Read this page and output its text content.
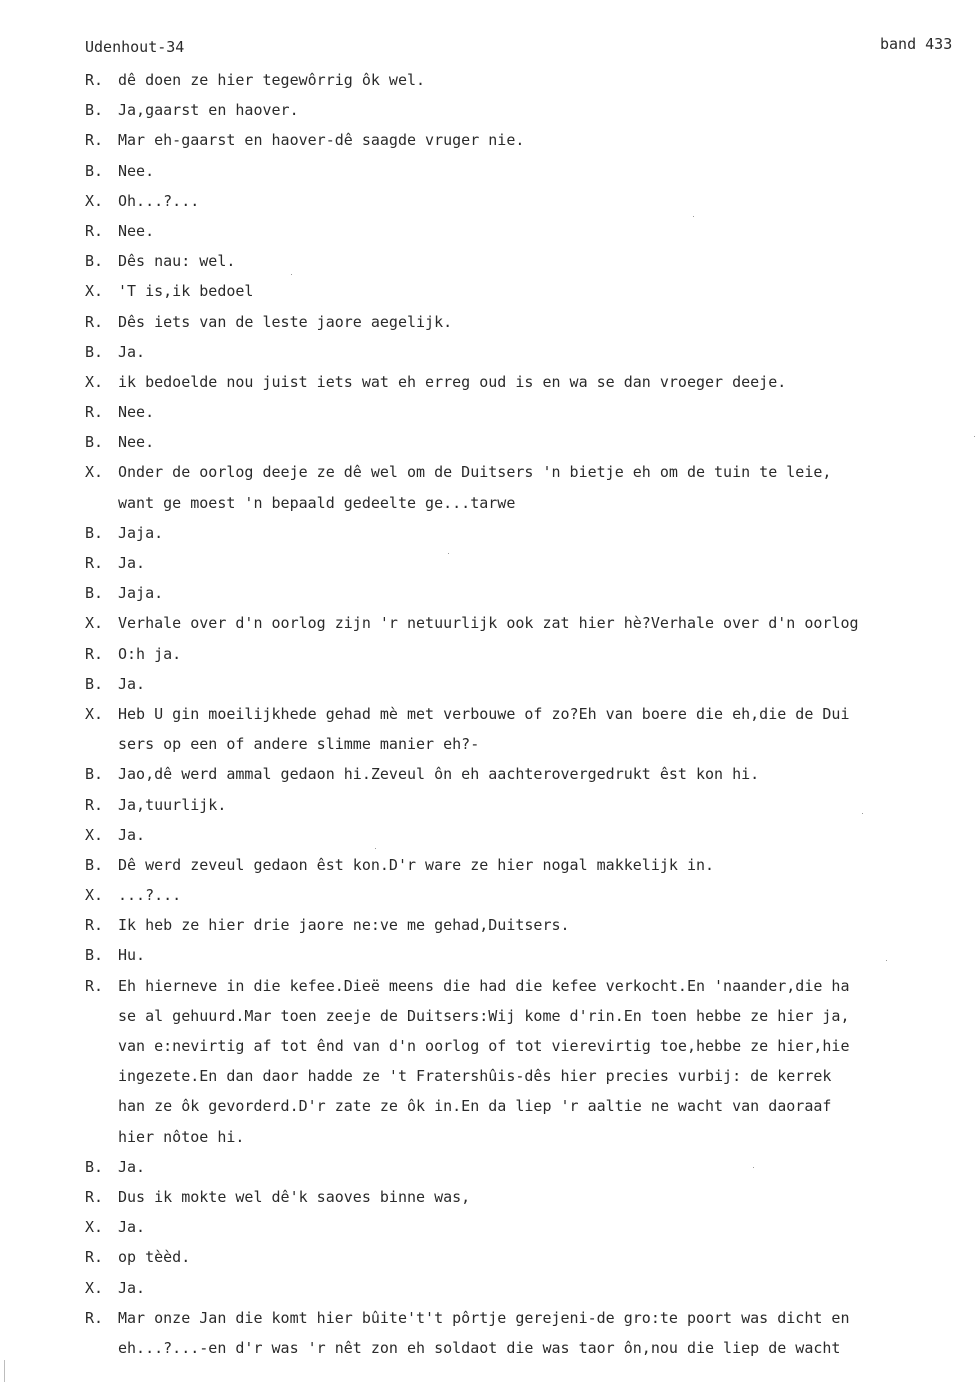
Udenhout-34	band 433
R. dê doen ze hier tegewôrrig ôk wel.
B. Ja,gaarst en haover.
R. Mar eh-gaarst en haover-dê saagde vruger nie.
B. Nee.
X. Oh...?...
R. Nee.
B. Dês nau: wel.
X. 'T is,ik bedoel
R. Dês iets van de leste jaore aegelijk.
B. Ja.
X. ik bedoelde nou juist iets wat eh erreg oud is en wa se dan vroeger deeje.
R. Nee.
B. Nee.
X. Onder de oorlog deeje ze dê wel om de Duitsers 'n bietje eh om de tuin te leie,
want ge moest 'n bepaald gedeelte ge...tarwe
B. Jaja.
R. Ja.
B. Jaja.
X. Verhale over d'n oorlog zijn 'r netuurlijk ook zat hier hè?Verhale over d'n oorlog
R. O:h ja.
B. Ja.
X. Heb U gin moeilijkhede gehad mè met verbouwe of zo?Eh van boere die eh,die de Dui
sers op een of andere slimme manier eh?-
B. Jao,dê werd ammal gedaon hi.Zeveul ôn eh aachterovergedrukt êst kon hi.
R. Ja,tuurlijk.
X. Ja.
B. Dê werd zeveul gedaon êst kon.D'r ware ze hier nogal makkelijk in.
X. ...?...
R. Ik heb ze hier drie jaore ne:ve me gehad,Duitsers.
B. Hu.
R. Eh hierneve in die kefee.Dieë meens die had die kefee verkocht.En 'naander,die ha
se al gehuurd.Mar toen zeeje de Duitsers:Wij kome d'rin.En toen hebbe ze hier ja,
van e:nevirtig af tot ênd van d'n oorlog of tot vierevirtig toe,hebbe ze hier,hie
ingezete.En dan daor hadde ze 't Fratershûis-dês hier precies vurbij: de kerrek
han ze ôk gevorderd.D'r zate ze ôk in.En da liep 'r aaltie ne wacht van daoraaf
hier nôtoe hi.
B. Ja.
R. Dus ik mokte wel dê'k saoves binne was,
X. Ja.
R. op tèèd.
X. Ja.
R. Mar onze Jan die komt hier bûite't't pôrtje gerejeni-de gro:te poort was dicht en
eh...?...-en d'r was 'r nêt zon eh soldaot die was taor ôn,nou die liep de wacht
